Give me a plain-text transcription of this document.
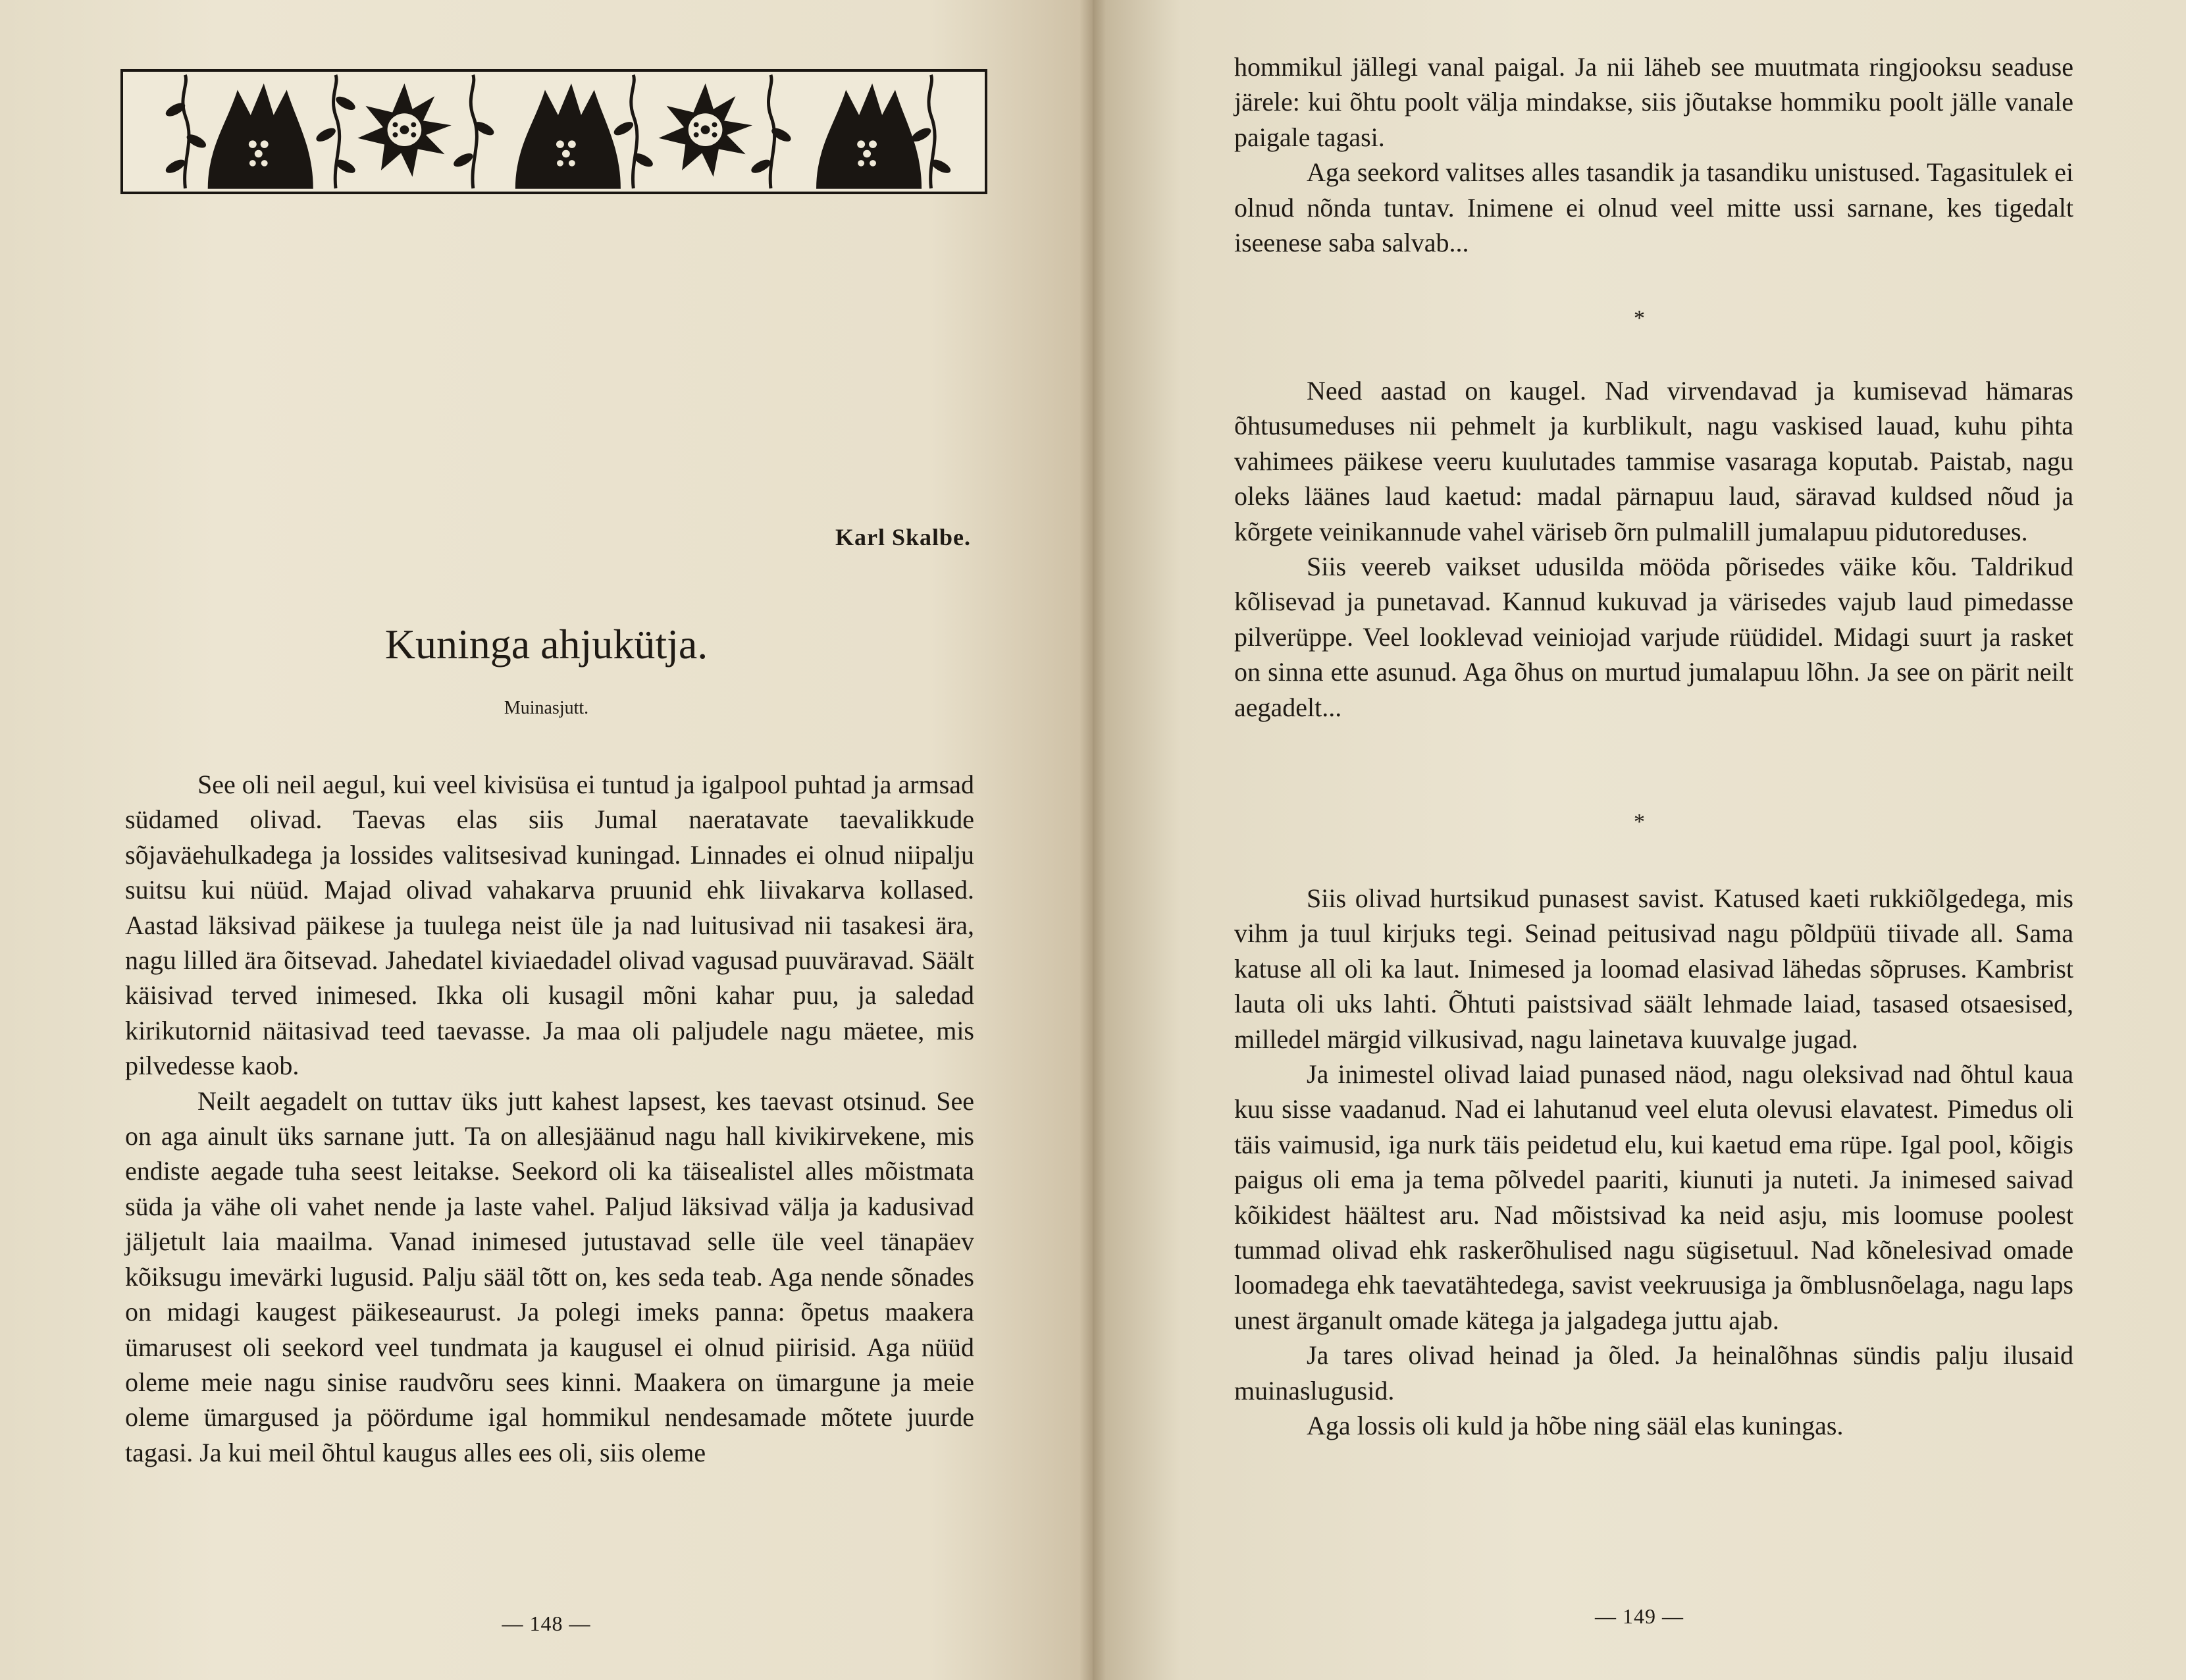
Karl Skalbe.
Kuninga ahjukütja.
Muinasjutt.

See oli neil aegul, kui veel kivisüsa ei tuntud ja igalpool puhtad ja armsad südamed olivad. Taevas elas siis Jumal naeratavate taevalikkude sõjaväehulkadega ja lossides valitsesivad kuningad. Linnades ei olnud niipalju suitsu kui nüüd. Majad olivad vahakarva pruunid ehk liivakarva kollased. Aastad läksivad päikese ja tuulega neist üle ja nad luitusivad nii tasakesi ära, nagu lilled ära õitsevad. Jahedatel kiviaedadel olivad vagusad puuväravad. Säält käisivad terved inimesed. Ikka oli kusagil mõni kahar puu, ja saledad kirikutornid näitasivad teed taevasse. Ja maa oli paljudele nagu mäetee, mis pilvedesse kaob.

Neilt aegadelt on tuttav üks jutt kahest lapsest, kes taevast otsinud. See on aga ainult üks sarnane jutt. Ta on allesjäänud nagu hall kivikirvekene, mis endiste aegade tuha seest leitakse. Seekord oli ka täisealistel alles mõistmata süda ja vähe oli vahet nende ja laste vahel. Paljud läksivad välja ja kadusivad jäljetult laia maailma. Vanad inimesed jutustavad selle üle veel tänapäev kõiksugu imevärki lugusid. Palju sääl tõtt on, kes seda teab. Aga nende sõnades on midagi kaugest päikeseaurust. Ja polegi imeks panna: õpetus maakera ümarusest oli seekord veel tundmata ja kaugusel ei olnud piirisid. Aga nüüd oleme meie nagu sinise raudvõru sees kinni. Maakera on ümargune ja meie oleme ümargused ja pöördume igal hommikul nendesamade mõtete juurde tagasi. Ja kui meil õhtul kaugus alles ees oli, siis oleme

— 148 —	— 149 —

hommikul jällegi vanal paigal. Ja nii läheb see muutmata ringjooksu seaduse järele: kui õhtu poolt välja mindakse, siis jõutakse hommiku poolt jälle vanale paigale tagasi.

Aga seekord valitses alles tasandik ja tasandiku unistused. Tagasitulek ei olnud nõnda tuntav. Inimene ei olnud veel mitte ussi sarnane, kes tigedalt iseenese saba salvab...

*

Need aastad on kaugel. Nad virvendavad ja kumisevad hämaras õhtusumeduses nii pehmelt ja kurblikult, nagu vaskised lauad, kuhu pihta vahimees päikese veeru kuulutades tammise vasaraga koputab. Paistab, nagu oleks läänes laud kaetud: madal pärnapuu laud, säravad kuldsed nõud ja kõrgete veinikannude vahel väriseb õrn pulmalill jumalapuu pidutoreduses.

Siis veereb vaikset udusilda mööda põrisedes väike kõu. Taldrikud kõlisevad ja punetavad. Kannud kukuvad ja värisedes vajub laud pimedasse pilverüppe. Veel looklevad veiniojad varjude rüüdidel. Midagi suurt ja rasket on sinna ette asunud. Aga õhus on murtud jumalapuu lõhn. Ja see on pärit neilt aegadelt...

*

Siis olivad hurtsikud punasest savist. Katused kaeti rukkiõlgedega, mis vihm ja tuul kirjuks tegi. Seinad peitusivad nagu põldpüü tiivade all. Sama katuse all oli ka laut. Inimesed ja loomad elasivad lähedas sõpruses. Kambrist lauta oli uks lahti. Õhtuti paistsivad säält lehmade laiad, tasased otsaesised, milledel märgid vilkusivad, nagu lainetava kuuvalge jugad.

Ja inimestel olivad laiad punased näod, nagu oleksivad nad õhtul kaua kuu sisse vaadanud. Nad ei lahutanud veel eluta olevusi elavatest. Pimedus oli täis vaimusid, iga nurk täis peidetud elu, kui kaetud ema rüpe. Igal pool, kõigis paigus oli ema ja tema põlvedel paariti, kiunuti ja nuteti. Ja inimesed saivad kõikidest häältest aru. Nad mõistsivad ka neid asju, mis loomuse poolest tummad olivad ehk raskerõhulised nagu sügisetuul. Nad kõnelesivad omade loomadega ehk taevatähtedega, savist veekruusiga ja õmblusnõelaga, nagu laps unest ärganult omade kätega ja jalgadega juttu ajab.

Ja tares olivad heinad ja õled. Ja heinalõhnas sündis palju ilusaid muinaslugusid.

Aga lossis oli kuld ja hõbe ning sääl elas kuningas.
